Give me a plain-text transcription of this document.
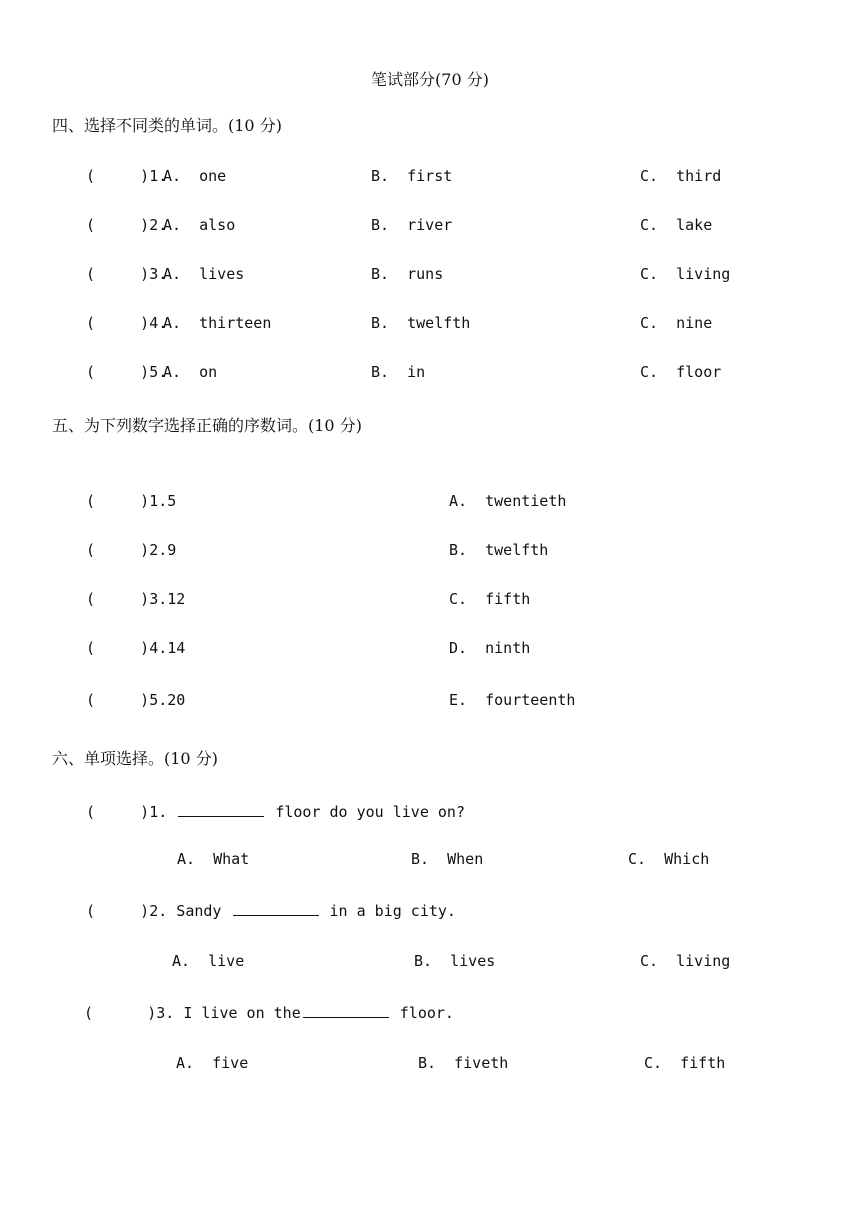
笔试部分(70 分)
四、选择不同类的单词。(10 分)
(     )1.
A.  one	B.  first	C.  third
(     )2.
A.  also	B.  river	C.  lake
(     )3.
A.  lives	B.  runs	C.  living
(     )4.
A.  thirteen	B.  twelfth	C.  nine
(     )5.
A.  on	B.  in	C.  floor
五、为下列数字选择正确的序数词。(10 分)
(     )1.5	A.  twentieth
(     )2.9	B.  twelfth
(     )3.12	C.  fifth
(     )4.14	D.  ninth
(     )5.20	E.  fourteenth
六、单项选择。(10 分)
(     )1.	floor do you live on?
A.  What	B.  When	C.  Which
(     )2. Sandy	in a big city.
A.  live	B.  lives	C.  living
(      )3. I live on the	floor.
A.  five	B.  fiveth	C.  fifth
